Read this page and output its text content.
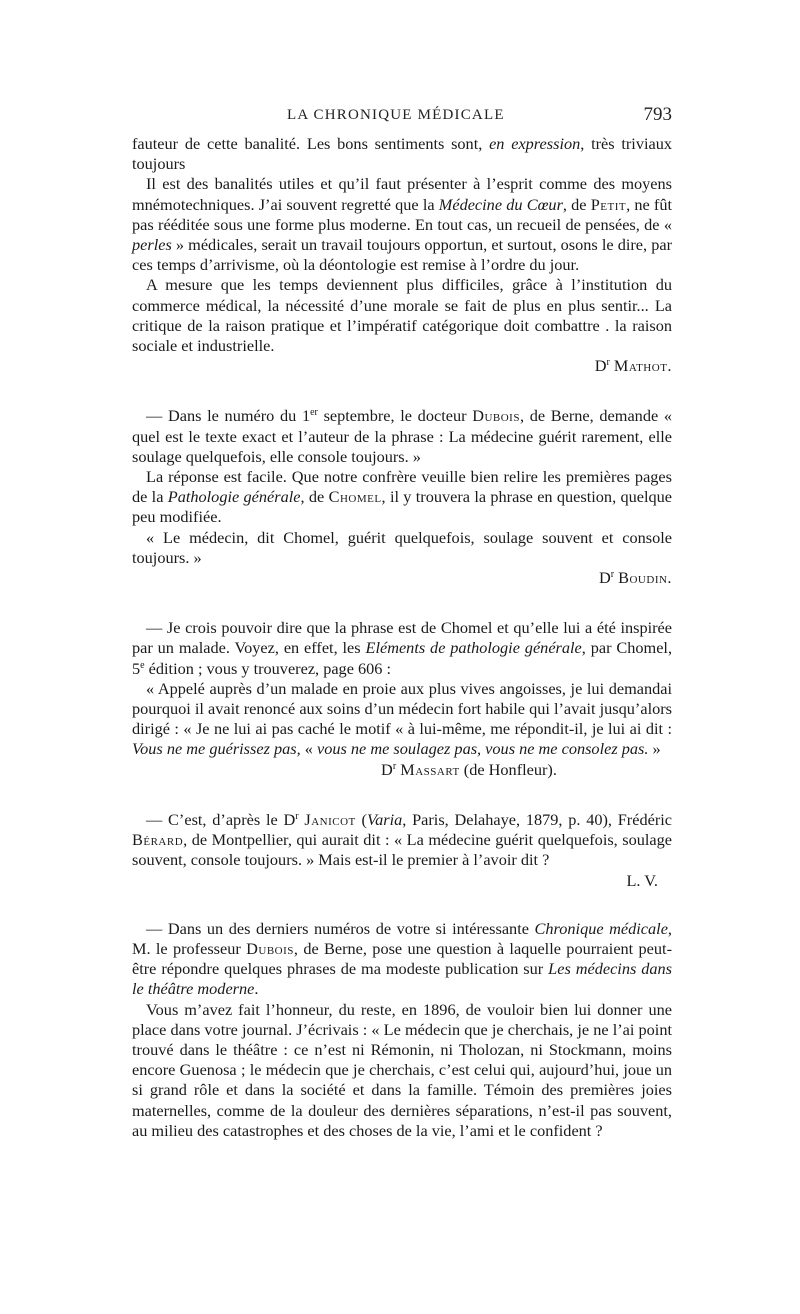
LA CHRONIQUE MÉDICALE	793

fauteur de cette banalité. Les bons sentiments sont, en expression, très triviaux toujours

Il est des banalités utiles et qu’il faut présenter à l’esprit comme des moyens mnémotechniques. J’ai souvent regretté que la Médecine du Cœur, de Petit, ne fût pas rééditée sous une forme plus moderne. En tout cas, un recueil de pensées, de « perles » médicales, serait un travail toujours opportun, et surtout, osons le dire, par ces temps d’arrivisme, où la déontologie est remise à l’ordre du jour.

A mesure que les temps deviennent plus difficiles, grâce à l’institution du commerce médical, la nécessité d’une morale se fait de plus en plus sentir... La critique de la raison pratique et l’impératif catégorique doit combattre . la raison sociale et industrielle.

$D^r$ Mathot.

— Dans le numéro du 1er septembre, le docteur Dubois, de Berne, demande « quel est le texte exact et l’auteur de la phrase : La médecine guérit rarement, elle soulage quelquefois, elle console toujours. »

La réponse est facile. Que notre confrère veuille bien relire les premières pages de la Pathologie générale, de Chomel, il y trouvera la phrase en question, quelque peu modifiée.

« Le médecin, dit Chomel, guérit quelquefois, soulage souvent et console toujours. »

$D^r$ Boudin.

— Je crois pouvoir dire que la phrase est de Chomel et qu’elle lui a été inspirée par un malade. Voyez, en effet, les Eléments de pathologie générale, par Chomel, 5e édition ; vous y trouverez, page 606 :

« Appelé auprès d’un malade en proie aux plus vives angoisses, je lui demandai pourquoi il avait renoncé aux soins d’un médecin fort habile qui l’avait jusqu’alors dirigé : « Je ne lui ai pas caché le motif « à lui-même, me répondit-il, je lui ai dit : Vous ne me guérissez pas, « vous ne me soulagez pas, vous ne me consolez pas. »

$D^r$ Massart (de Honfleur).

— C’est, d’après le $D^r$ Janicot (Varia, Paris, Delahaye, 1879, p. 40), Frédéric Bérard, de Montpellier, qui aurait dit : « La médecine guérit quelquefois, soulage souvent, console toujours. » Mais est-il le premier à l’avoir dit ?

L. V.

— Dans un des derniers numéros de votre si intéressante Chronique médicale, M. le professeur Dubois, de Berne, pose une question à laquelle pourraient peut-être répondre quelques phrases de ma modeste publication sur Les médecins dans le théâtre moderne.

Vous m’avez fait l’honneur, du reste, en 1896, de vouloir bien lui donner une place dans votre journal. J’écrivais : « Le médecin que je cherchais, je ne l’ai point trouvé dans le théâtre : ce n’est ni Rémonin, ni Tholozan, ni Stockmann, moins encore Guenosa ; le médecin que je cherchais, c’est celui qui, aujourd’hui, joue un si grand rôle et dans la société et dans la famille. Témoin des premières joies maternelles, comme de la douleur des dernières séparations, n’est-il pas souvent, au milieu des catastrophes et des choses de la vie, l’ami et le confident ?
